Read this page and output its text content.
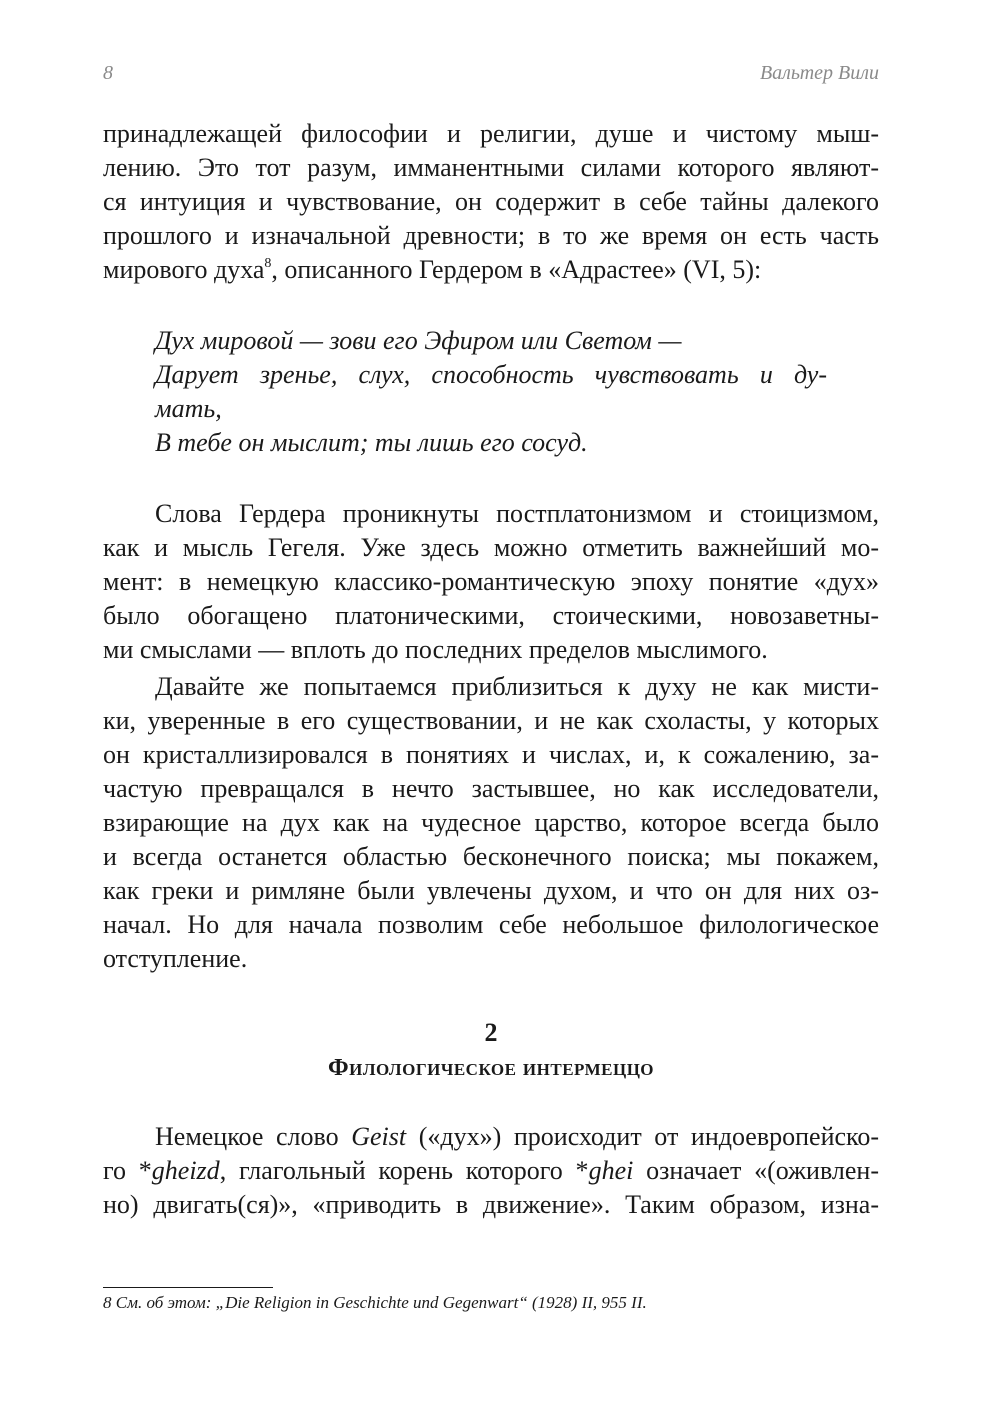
8	Вальтер Вили
принадлежащей философии и религии, душе и чистому мыш-
лению. Это тот разум, имманентными силами которого являют-
ся интуиция и чувствование, он содержит в себе тайны далекого
прошлого и изначальной древности; в то же время он есть часть
мирового духа$^8$, описанного Гердером в «Адрастее» (VI, 5):
Дух мировой — зови его Эфиром или Светом —
Дарует зренье, слух, способность чувствовать и ду-
мать,
В тебе он мыслит; ты лишь его сосуд.
Слова Гердера проникнуты постплатонизмом и стоицизмом,
как и мысль Гегеля. Уже здесь можно отметить важнейший мо-
мент: в немецкую классико-романтическую эпоху понятие «дух»
было обогащено платоническими, стоическими, новозаветны-
ми смыслами — вплоть до последних пределов мыслимого.
Давайте же попытаемся приблизиться к духу не как мисти-
ки, уверенные в его существовании, и не как схоласты, у которых
он кристаллизировался в понятиях и числах, и, к сожалению, за-
частую превращался в нечто застывшее, но как исследователи,
взирающие на дух как на чудесное царство, которое всегда было
и всегда останется областью бесконечного поиска; мы покажем,
как греки и римляне были увлечены духом, и что он для них оз-
начал. Но для начала позволим себе небольшое филологическое
отступление.
2
Филологическое интермеццо
Немецкое слово Geist («дух») происходит от индоевропейско-
го *gheizd, глагольный корень которого *ghei означает «(оживлен-
но) двигать(ся)», «приводить в движение». Таким образом, изна-
8 См. об этом: „Die Religion in Geschichte und Gegenwart“ (1928) II, 955 II.
